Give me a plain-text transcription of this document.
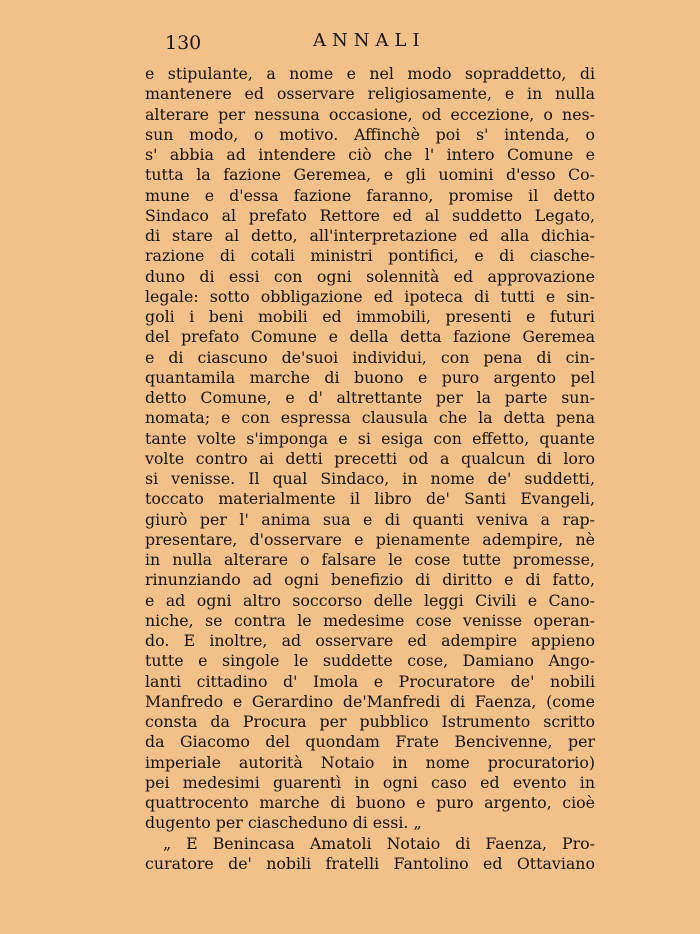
130	ANNALI
e stipulante, a nome e nel modo sopraddetto, di
mantenere ed osservare religiosamente, e in nulla
alterare per nessuna occasione, od eccezione, o nes-
sun modo, o motivo. Affinchè poi s' intenda, o
s' abbia ad intendere ciò che l' intero Comune e
tutta la fazione Geremea, e gli uomini d'esso Co-
mune e d'essa fazione faranno, promise il detto
Sindaco al prefato Rettore ed al suddetto Legato,
di stare al detto, all'interpretazione ed alla dichia-
razione di cotali ministri pontifici, e di ciasche-
duno di essi con ogni solennità ed approvazione
legale: sotto obbligazione ed ipoteca di tutti e sin-
goli i beni mobili ed immobili, presenti e futuri
del prefato Comune e della detta fazione Geremea
e di ciascuno de'suoi individui, con pena di cin-
quantamila marche di buono e puro argento pel
detto Comune, e d' altrettante per la parte sun-
nomata; e con espressa clausula che la detta pena
tante volte s'imponga e si esiga con effetto, quante
volte contro ai detti precetti od a qualcun di loro
si venisse. Il qual Sindaco, in nome de' suddetti,
toccato materialmente il libro de' Santi Evangeli,
giurò per l' anima sua e di quanti veniva a rap-
presentare, d'osservare e pienamente adempire, nè
in nulla alterare o falsare le cose tutte promesse,
rinunziando ad ogni benefizio di diritto e di fatto,
e ad ogni altro soccorso delle leggi Civili e Cano-
niche, se contra le medesime cose venisse operan-
do. E inoltre, ad osservare ed adempire appieno
tutte e singole le suddette cose, Damiano Ango-
lanti cittadino d' Imola e Procuratore de' nobili
Manfredo e Gerardino de'Manfredi di Faenza, (come
consta da Procura per pubblico Istrumento scritto
da Giacomo del quondam Frate Bencivenne, per
imperiale autorità Notaio in nome procuratorio)
pei medesimi guarentì in ogni caso ed evento in
quattrocento marche di buono e puro argento, cioè
dugento per ciascheduno di essi. „
„ E Benincasa Amatoli Notaio di Faenza, Pro-
curatore de' nobili fratelli Fantolino ed Ottaviano
